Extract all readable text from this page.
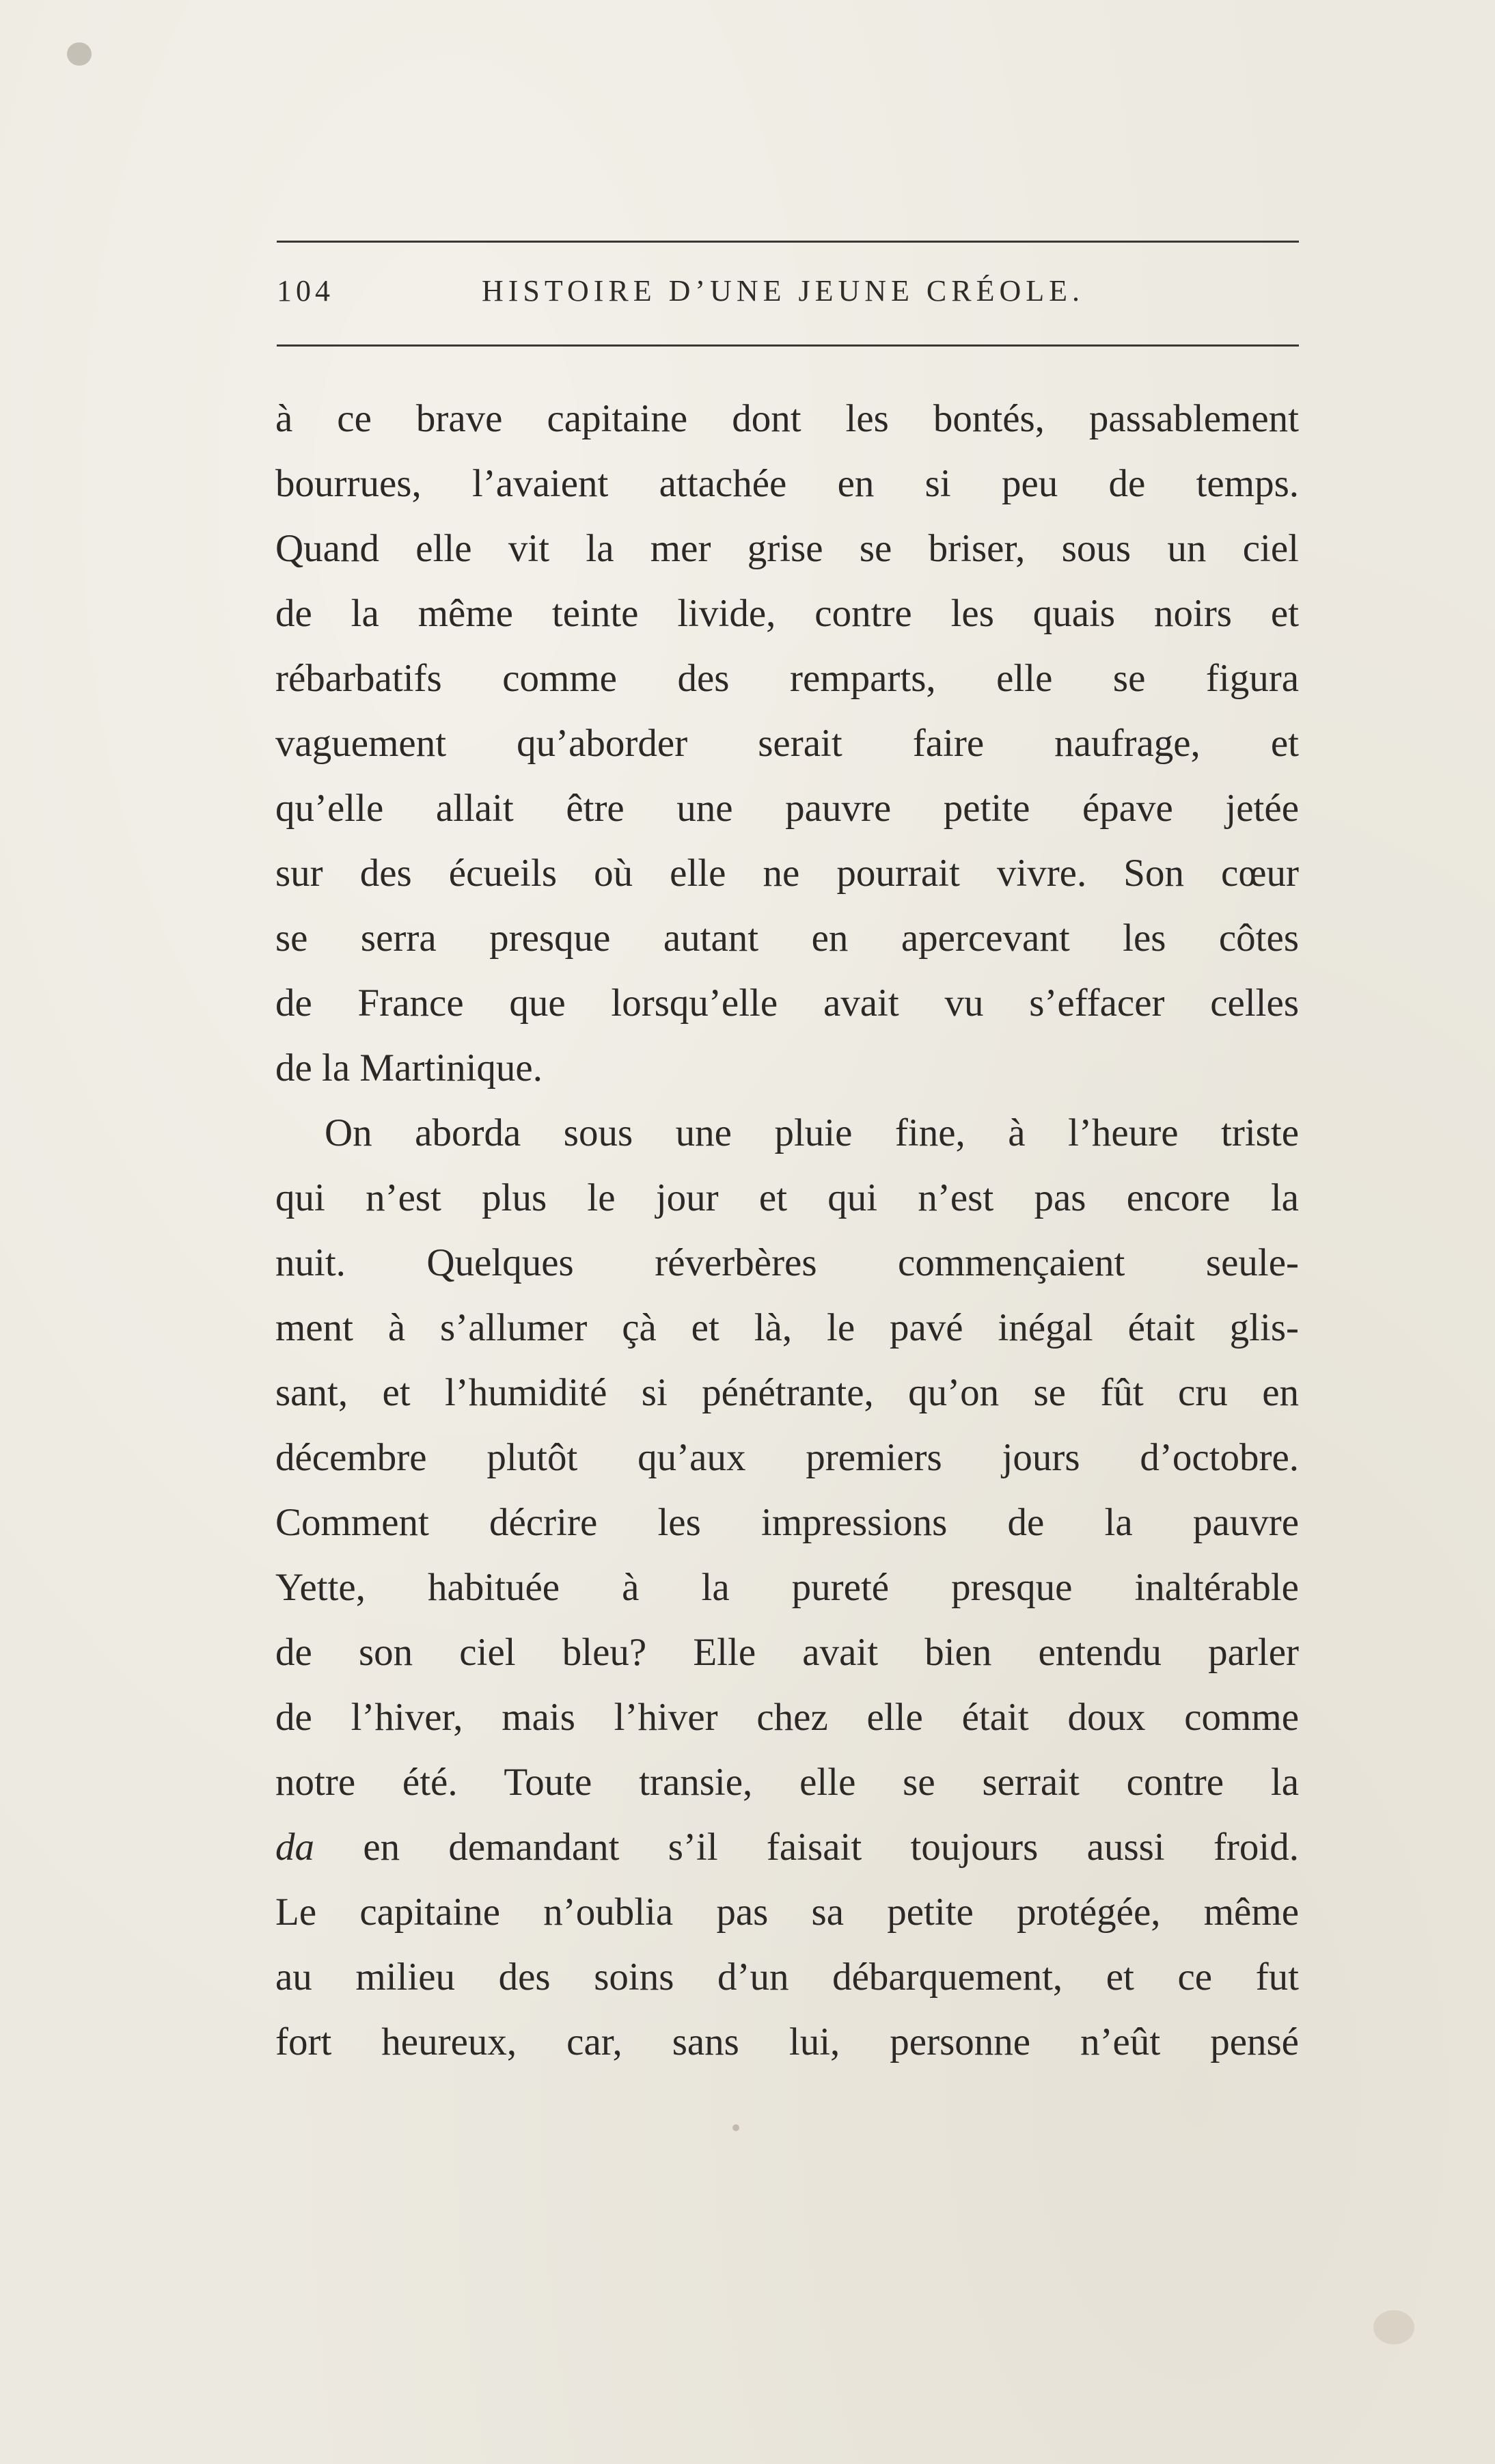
104	HISTOIRE D’UNE JEUNE CRÉOLE.
à ce brave capitaine dont les bontés, passablement
bourrues, l’avaient attachée en si peu de temps.
Quand elle vit la mer grise se briser, sous un ciel
de la même teinte livide, contre les quais noirs et
rébarbatifs comme des remparts, elle se figura
vaguement qu’aborder serait faire naufrage, et
qu’elle allait être une pauvre petite épave jetée
sur des écueils où elle ne pourrait vivre. Son cœur
se serra presque autant en apercevant les côtes
de France que lorsqu’elle avait vu s’effacer celles
de la Martinique.
On aborda sous une pluie fine, à l’heure triste
qui n’est plus le jour et qui n’est pas encore la
nuit. Quelques réverbères commençaient seule-
ment à s’allumer çà et là, le pavé inégal était glis-
sant, et l’humidité si pénétrante, qu’on se fût cru en
décembre plutôt qu’aux premiers jours d’octobre.
Comment décrire les impressions de la pauvre
Yette, habituée à la pureté presque inaltérable
de son ciel bleu? Elle avait bien entendu parler
de l’hiver, mais l’hiver chez elle était doux comme
notre été. Toute transie, elle se serrait contre la
da en demandant s’il faisait toujours aussi froid.
Le capitaine n’oublia pas sa petite protégée, même
au milieu des soins d’un débarquement, et ce fut
fort heureux, car, sans lui, personne n’eût pensé
